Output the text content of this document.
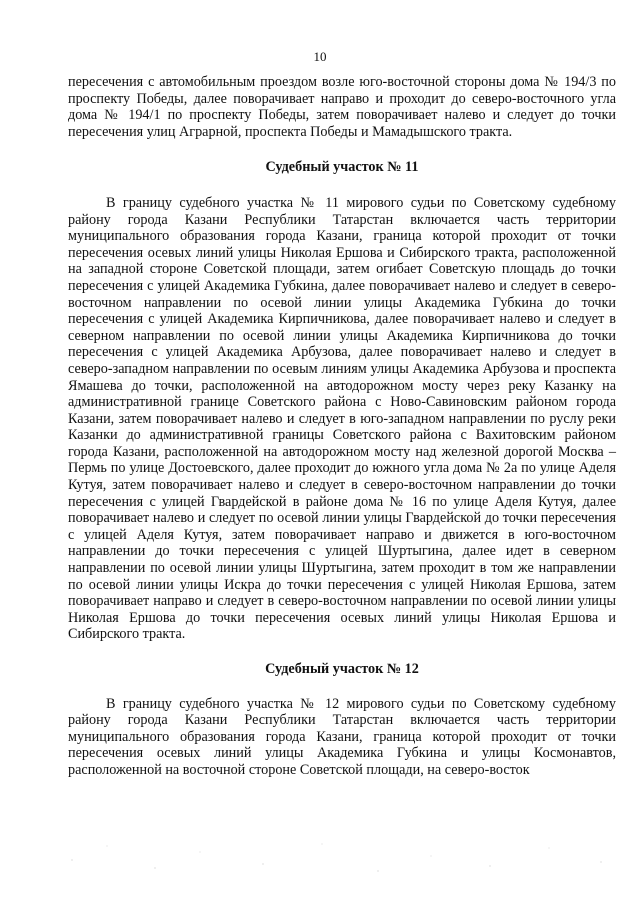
10

пересечения с автомобильным проездом возле юго-восточной стороны дома № 194/3 по проспекту Победы, далее поворачивает направо и проходит до северо-восточного угла дома № 194/1 по проспекту Победы, затем поворачивает налево и следует до точки пересечения улиц Аграрной, проспекта Победы и Мамадышского тракта.

Судебный участок № 11

В границу судебного участка № 11 мирового судьи по Советскому судебному району города Казани Республики Татарстан включается часть территории муниципального образования города Казани, граница которой проходит от точки пересечения осевых линий улицы Николая Ершова и Сибирского тракта, расположенной на западной стороне Советской площади, затем огибает Советскую площадь до точки пересечения с улицей Академика Губкина, далее поворачивает налево и следует в северо-восточном направлении по осевой линии улицы Академика Губкина до точки пересечения с улицей Академика Кирпичникова, далее поворачивает налево и следует в северном направлении по осевой линии улицы Академика Кирпичникова до точки пересечения с улицей Академика Арбузова, далее поворачивает налево и следует в северо-западном направлении по осевым линиям улицы Академика Арбузова и проспекта Ямашева до точки, расположенной на автодорожном мосту через реку Казанку на административной границе Советского района с Ново-Савиновским районом города Казани, затем поворачивает налево и следует в юго-западном направлении по руслу реки Казанки до административной границы Советского района с Вахитовским районом города Казани, расположенной на автодорожном мосту над железной дорогой Москва – Пермь по улице Достоевского, далее проходит до южного угла дома № 2а по улице Аделя Кутуя, затем поворачивает налево и следует в северо-восточном направлении до точки пересечения с улицей Гвардейской в районе дома № 16 по улице Аделя Кутуя, далее поворачивает налево и следует по осевой линии улицы Гвардейской до точки пересечения с улицей Аделя Кутуя, затем поворачивает направо и движется в юго-восточном направлении до точки пересечения с улицей Шуртыгина, далее идет в северном направлении по осевой линии улицы Шуртыгина, затем проходит в том же направлении по осевой линии улицы Искра до точки пересечения с улицей Николая Ершова, затем поворачивает направо и следует в северо-восточном направлении по осевой линии улицы Николая Ершова до точки пересечения осевых линий улицы Николая Ершова и Сибирского тракта.

Судебный участок № 12

В границу судебного участка № 12 мирового судьи по Советскому судебному району города Казани Республики Татарстан включается часть территории муниципального образования города Казани, граница которой проходит от точки пересечения осевых линий улицы Академика Губкина и улицы Космонавтов, расположенной на восточной стороне Советской площади, на северо-восток
